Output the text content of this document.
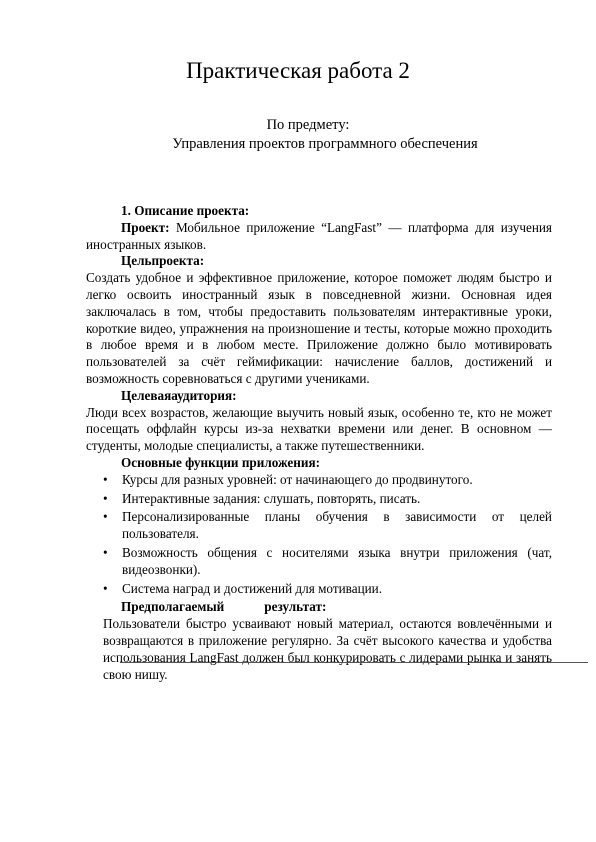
Практическая работа 2
По предмету:
Управления проектов программного обеспечения

1. Описание проекта:

Проект: Мобильное приложение “LangFast” — платформа для изучения иностранных языков.

Цельпроекта:

Создать удобное и эффективное приложение, которое поможет людям быстро и легко освоить иностранный язык в повседневной жизни. Основная идея заключалась в том, чтобы предоставить пользователям интерактивные уроки, короткие видео, упражнения на произношение и тесты, которые можно проходить в любое время и в любом месте. Приложение должно было мотивировать пользователей за счёт геймификации: начисление баллов, достижений и возможность соревноваться с другими учениками.

Целеваяаудитория:

Люди всех возрастов, желающие выучить новый язык, особенно те, кто не может посещать оффлайн курсы из-за нехватки времени или денег. В основном — студенты, молодые специалисты, а также путешественники.

Основные функции приложения:

• Курсы для разных уровней: от начинающего до продвинутого.
• Интерактивные задания: слушать, повторять, писать.
• Персонализированные планы обучения в зависимости от целей пользователя.
• Возможность общения с носителями языка внутри приложения (чат, видеозвонки).
• Система наград и достижений для мотивации.

Предполагаемый	результат:

Пользователи быстро усваивают новый материал, остаются вовлечёнными и возвращаются в приложение регулярно. За счёт высокого качества и удобства использования LangFast должен был конкурировать с лидерами рынка и занять свою нишу.
